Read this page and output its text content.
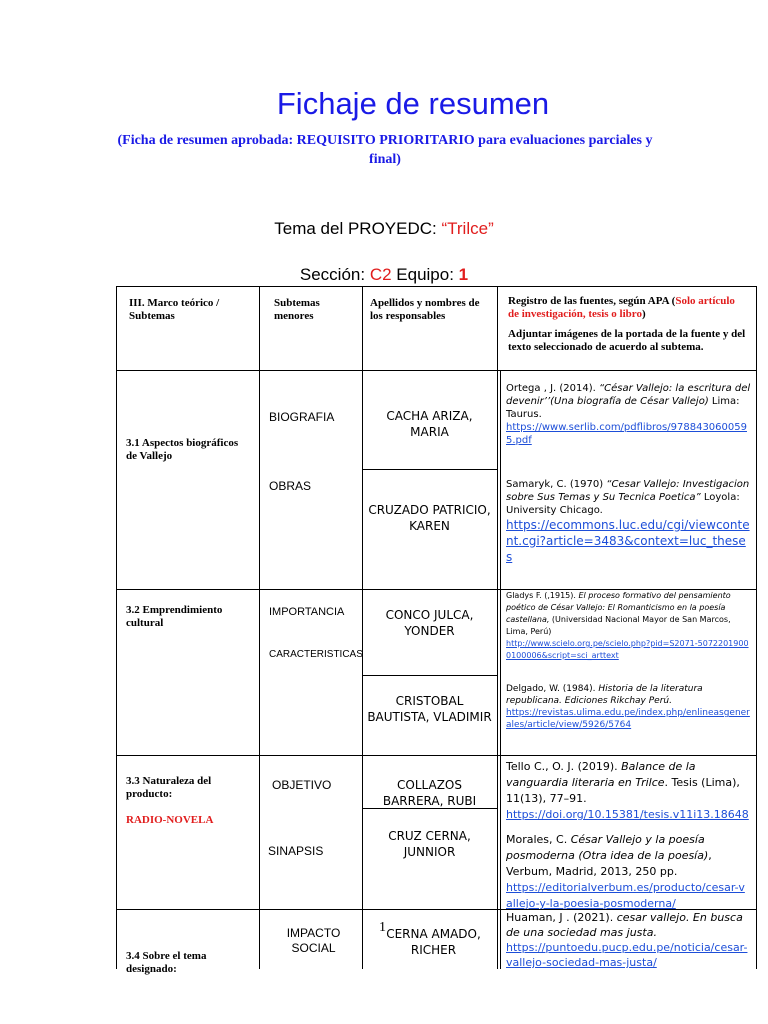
Fichaje de resumen
(Ficha de resumen aprobada: REQUISITO PRIORITARIO para evaluaciones parciales y final)
Tema del PROYEDC: “Trilce”
Sección: C2 Equipo: 1
III. Marco teórico / Subtemas
Subtemas menores
Apellidos y nombres de los responsables
Registro de las fuentes, según APA (Solo artículo de investigación, tesis o libro)
Adjuntar imágenes de la portada de la fuente y del texto seleccionado de acuerdo al subtema.
3.1 Aspectos biográficos de Vallejo
BIOGRAFIA
OBRAS
CACHA ARIZA, MARIA
CRUZADO PATRICIO, KAREN
Ortega , J. (2014). “César Vallejo: la escritura del devenir’’(Una biografía de César Vallejo) Lima: Taurus.
https://www.serlib.com/pdflibros/9788430600595.pdf
Samaryk, C. (1970) “Cesar Vallejo: Investigacion sobre Sus Temas y Su Tecnica Poetica” Loyola: University Chicago.
https://ecommons.luc.edu/cgi/viewcontent.cgi?article=3483&context=luc_theses
3.2 Emprendimiento cultural
IMPORTANCIA
CARACTERISTICAS
CONCO JULCA, YONDER
CRISTOBAL BAUTISTA, VLADIMIR
Gladys F. (,1915). El proceso formativo del pensamiento poético de César Vallejo: El Romanticismo en la poesía castellana, (Universidad Nacional Mayor de San Marcos, Lima, Perú)
http://www.scielo.org.pe/scielo.php?pid=S2071-50722019000100006&script=sci_arttext
Delgado, W. (1984). Historia de la literatura republicana. Ediciones Rikchay Perú.
https://revistas.ulima.edu.pe/index.php/enlineasgenerales/article/view/5926/5764
3.3 Naturaleza del producto:
RADIO-NOVELA
OBJETIVO
SINAPSIS
COLLAZOS BARRERA, RUBI
CRUZ CERNA, JUNNIOR
Tello C., O. J. (2019). Balance de la vanguardia literaria en Trilce. Tesis (Lima), 11(13), 77–91.
https://doi.org/10.15381/tesis.v11i13.18648
Morales, C. César Vallejo y la poesía posmoderna (Otra idea de la poesía), Verbum, Madrid, 2013, 250 pp.
https://editorialverbum.es/producto/cesar-vallejo-y-la-poesia-posmoderna/
3.4 Sobre el tema designado:
IMPACTO SOCIAL
CERNA AMADO, RICHER
1
Huaman, J . (2021). cesar vallejo. En busca de una sociedad mas justa.
https://puntoedu.pucp.edu.pe/noticia/cesar-vallejo-sociedad-mas-justa/
